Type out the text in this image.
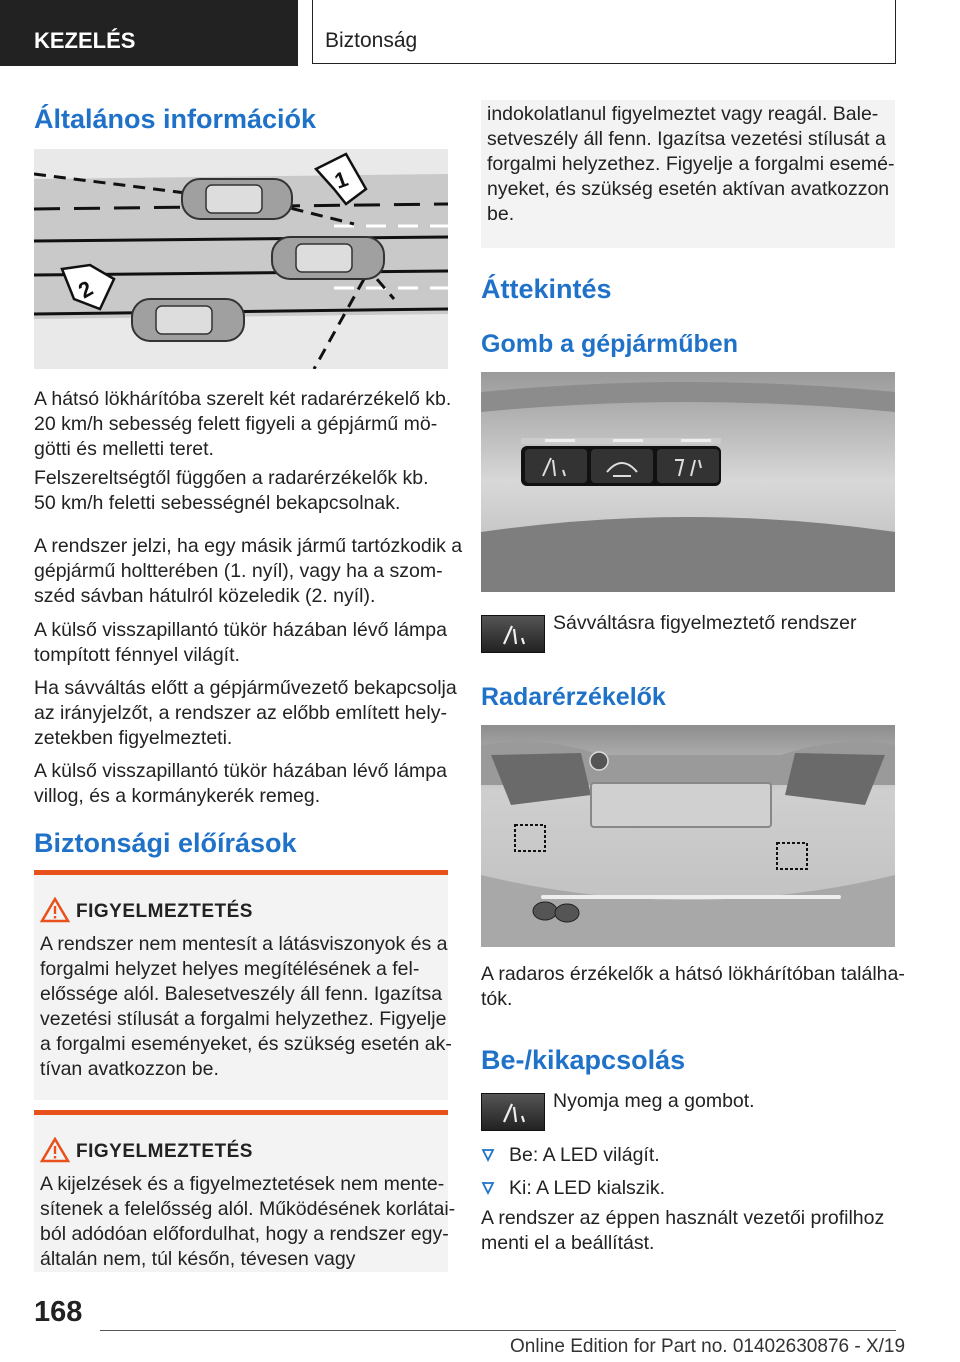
KEZELÉS	Biztonság
Általános információk
1
2
A hátsó lökhárítóba szerelt két radarérzékelő kb.
20 km/h sebesség felett figyeli a gépjármű mö-
götti és melletti teret.
Felszereltségtől függően a radarérzékelők kb.
50 km/h feletti sebességnél bekapcsolnak.
A rendszer jelzi, ha egy másik jármű tartózkodik a
gépjármű holtterében (1. nyíl), vagy ha a szom-
széd sávban hátulról közeledik (2. nyíl).
A külső visszapillantó tükör házában lévő lámpa
tompított fénnyel világít.
Ha sávváltás előtt a gépjárművezető bekapcsolja
az irányjelzőt, a rendszer az előbb említett hely-
zetekben figyelmezteti.
A külső visszapillantó tükör házában lévő lámpa
villog, és a kormánykerék remeg.
Biztonsági előírások
FIGYELMEZTETÉS
A rendszer nem mentesít a látásviszonyok és a
forgalmi helyzet helyes megítélésének a fel-
előssége alól. Balesetveszély áll fenn. Igazítsa
vezetési stílusát a forgalmi helyzethez. Figyelje
a forgalmi eseményeket, és szükség esetén ak-
tívan avatkozzon be.
FIGYELMEZTETÉS
A kijelzések és a figyelmeztetések nem mente-
sítenek a felelősség alól. Működésének korlátai-
ból adódóan előfordulhat, hogy a rendszer egy-
általán nem, túl későn, tévesen vagy
indokolatlanul figyelmeztet vagy reagál. Bale-
setveszély áll fenn. Igazítsa vezetési stílusát a
forgalmi helyzethez. Figyelje a forgalmi esemé-
nyeket, és szükség esetén aktívan avatkozzon
be.
Áttekintés
Gomb a gépjárműben
Sávváltásra figyelmeztető rendszer
Radarérzékelők
A radaros érzékelők a hátsó lökhárítóban találha-
tók.
Be-/kikapcsolás
Nyomja meg a gombot.
Be: A LED világít.
Ki: A LED kialszik.
A rendszer az éppen használt vezetői profilhoz
menti el a beállítást.
168
Online Edition for Part no. 01402630876 - X/19
